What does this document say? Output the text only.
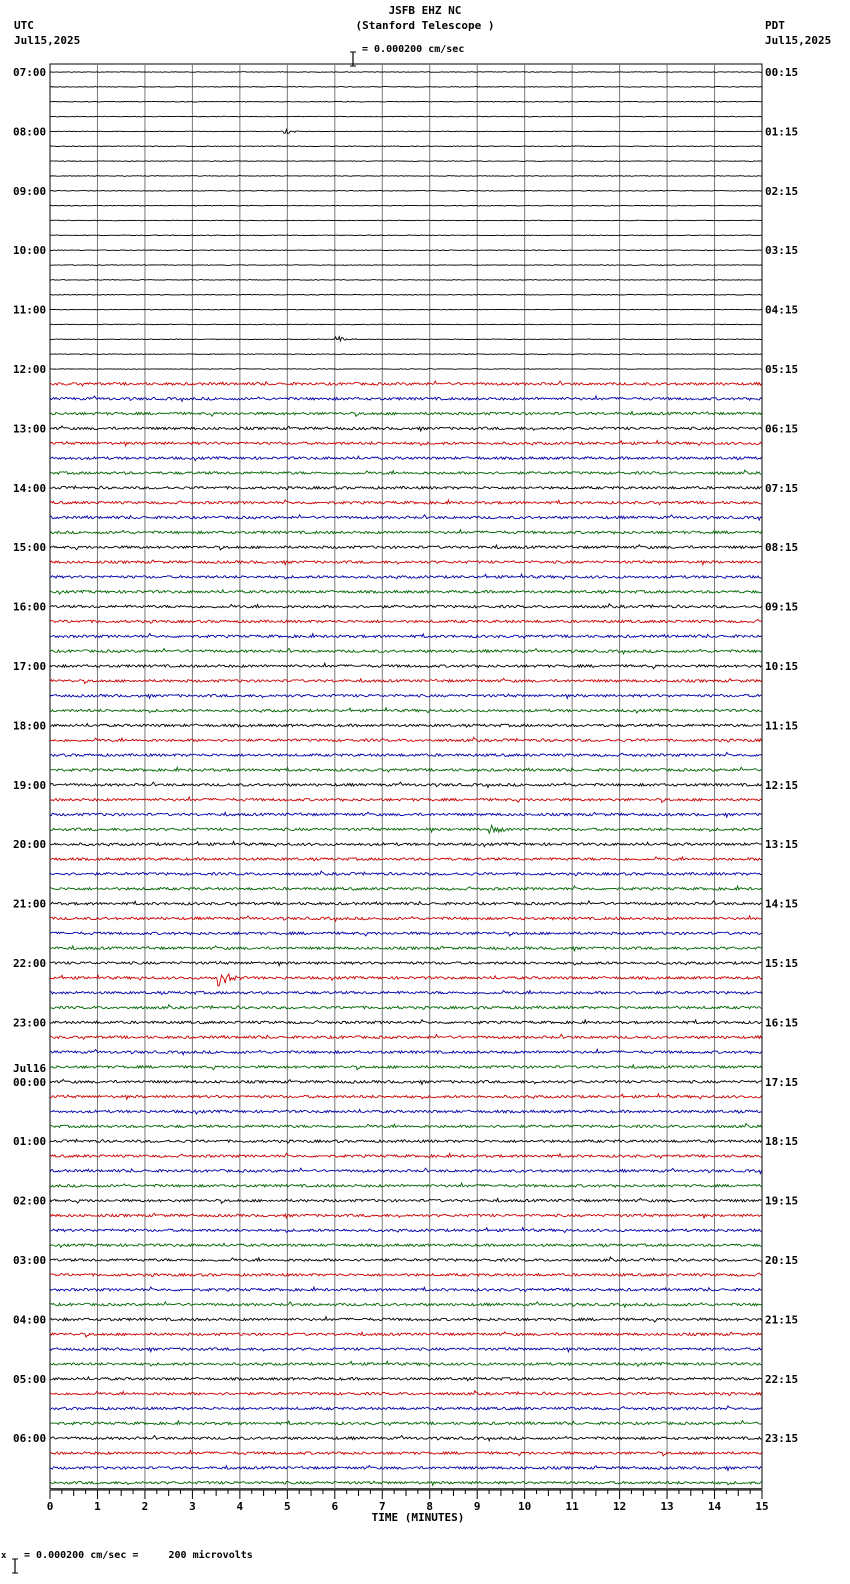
JSFB EHZ NC
(Stanford Telescope )

= 0.000200 cm/sec
UTC
Jul15,2025
PDT
Jul15,2025
07:00
08:00
09:00
10:00
11:00
12:00
13:00
14:00
15:00
16:00
17:00
18:00
19:00
20:00
21:00
22:00
23:00
00:00
Jul16
01:00
02:00
03:00
04:00
05:00
06:00
00:15
01:15
02:15
03:15
04:15
05:15
06:15
07:15
08:15
09:15
10:15
11:15
12:15
13:15
14:15
15:15
16:15
17:15
18:15
19:15
20:15
21:15
22:15
23:15
0	1	2	3	4	5	6	7	8	9	10	11	12	13	14	15
TIME (MINUTES)
x

= 0.000200 cm/sec =     200 microvolts
